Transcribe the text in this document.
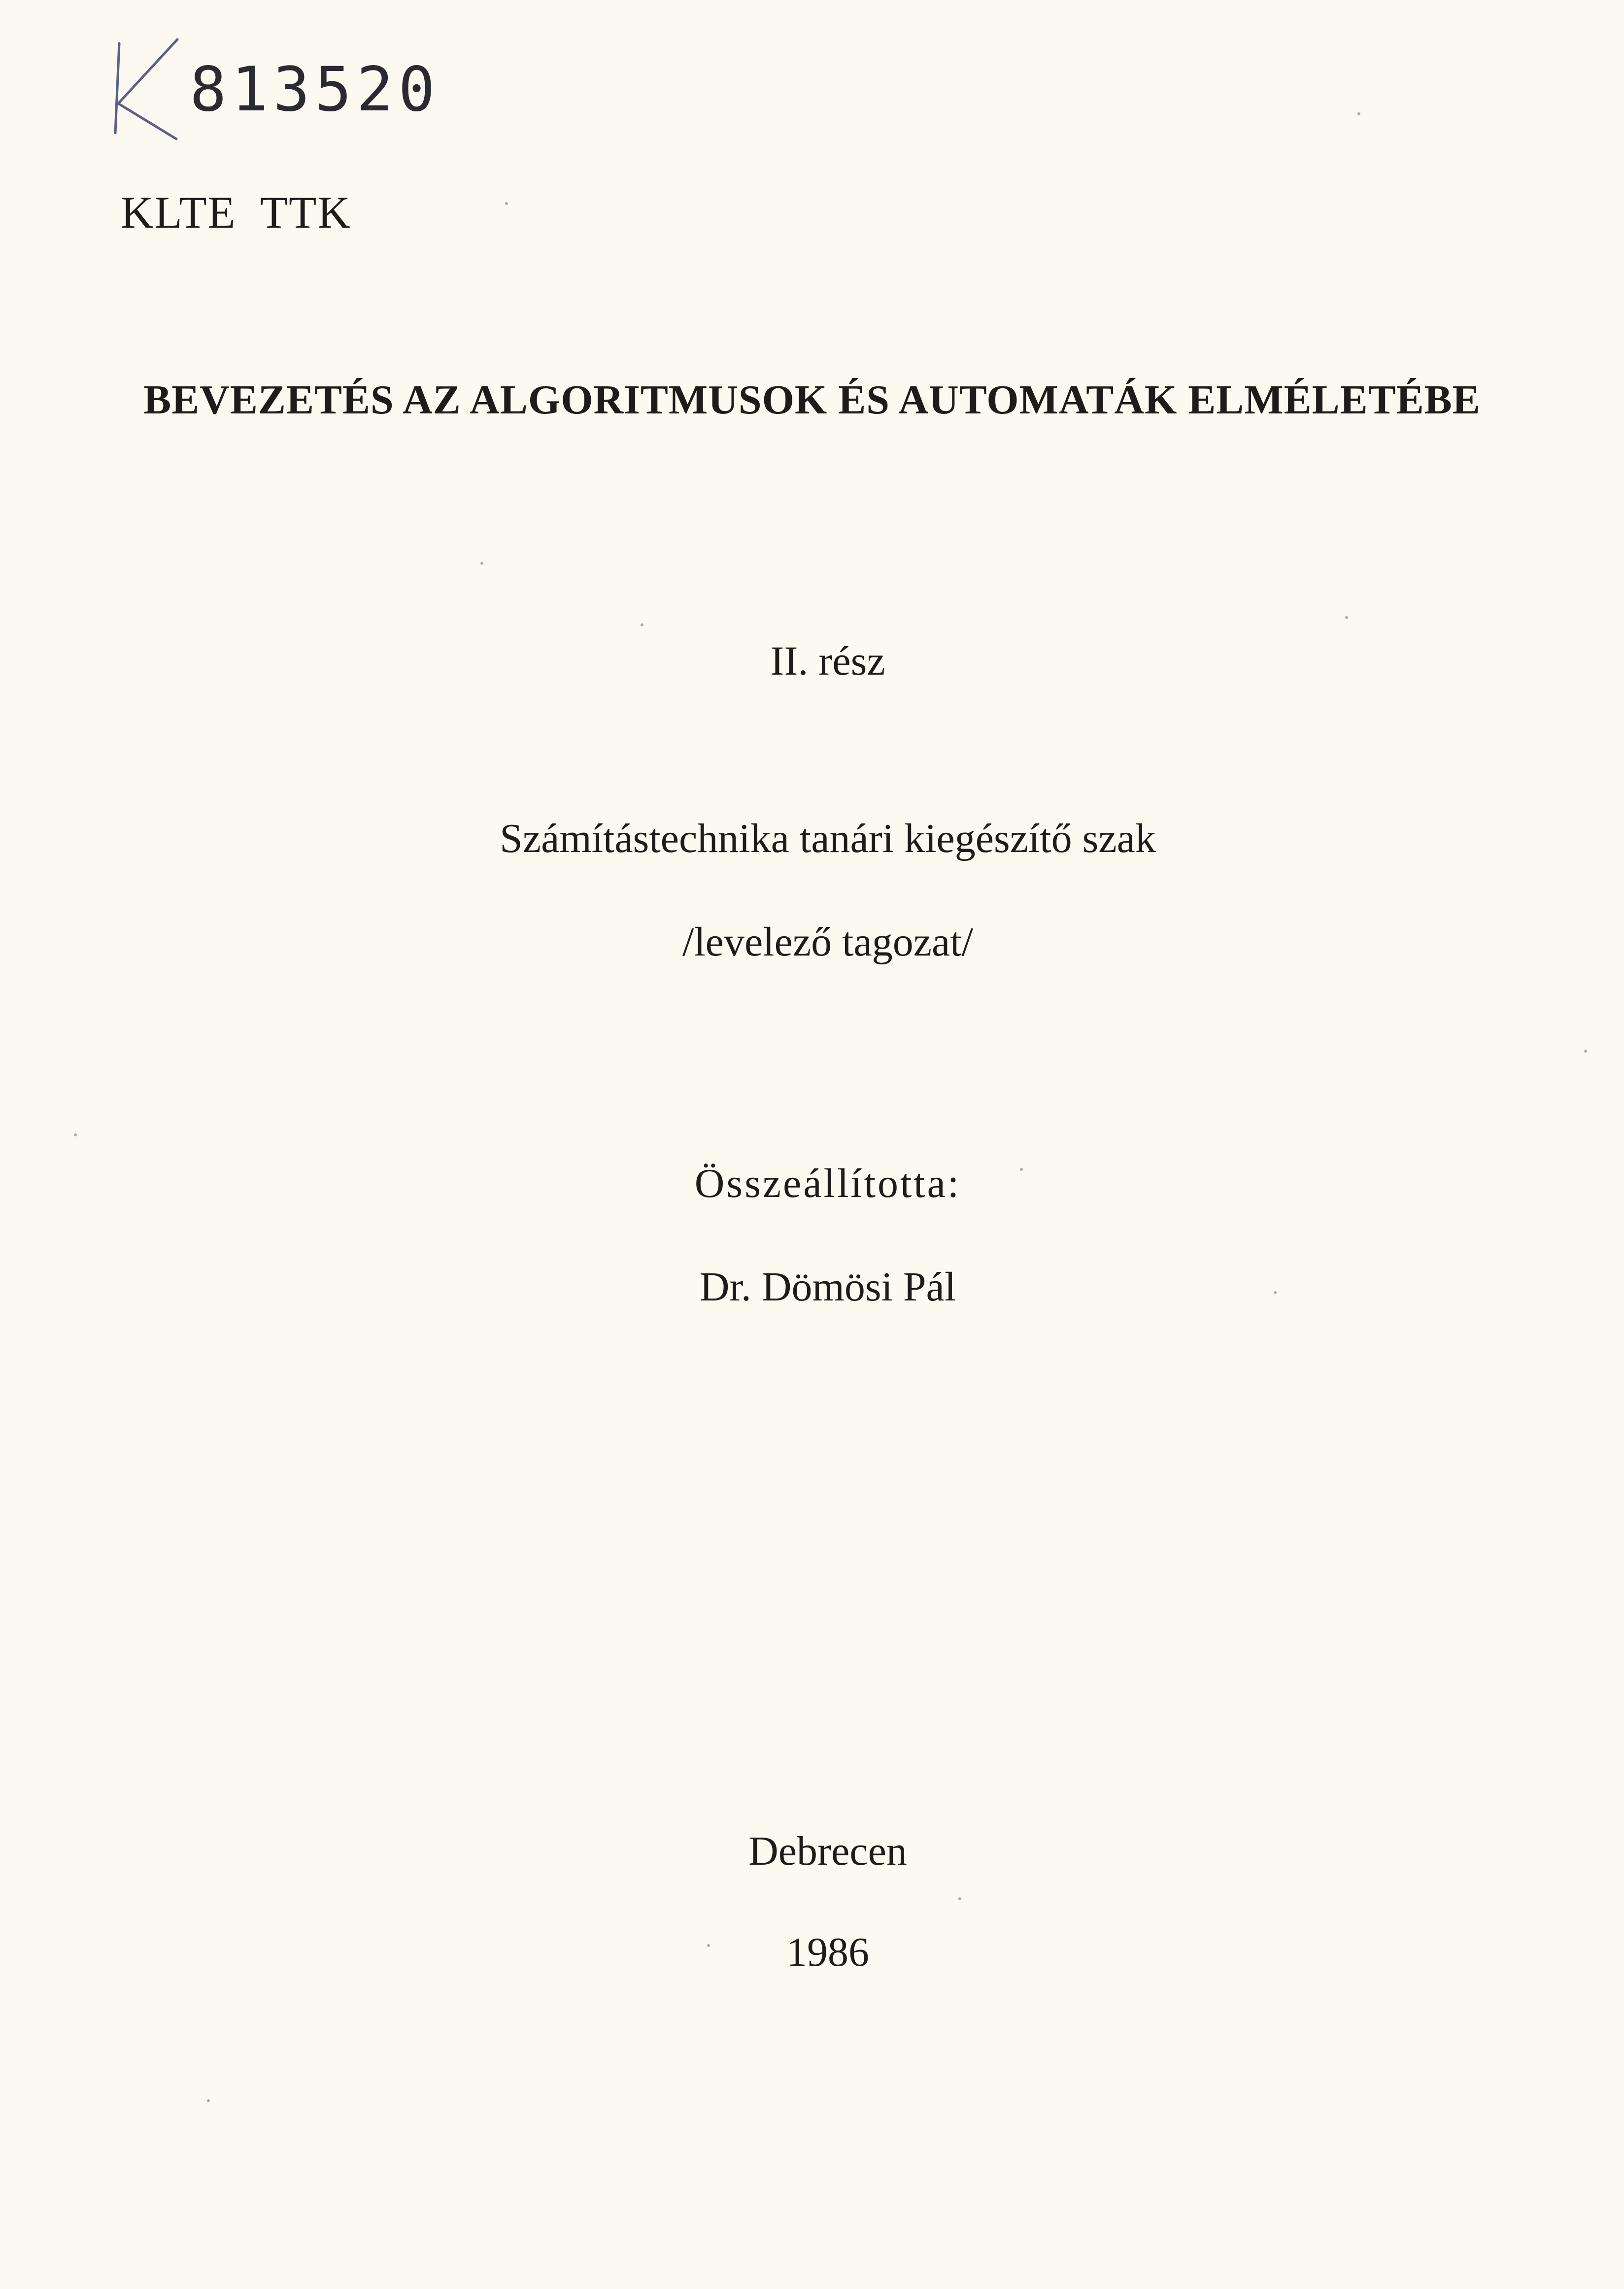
813520
KLTE  TTK
BEVEZETÉS AZ ALGORITMUSOK ÉS AUTOMATÁK ELMÉLETÉBE
II. rész
Számítástechnika tanári kiegészítő szak
/levelező tagozat/
Összeállította:
Dr. Dömösi Pál
Debrecen
1986
